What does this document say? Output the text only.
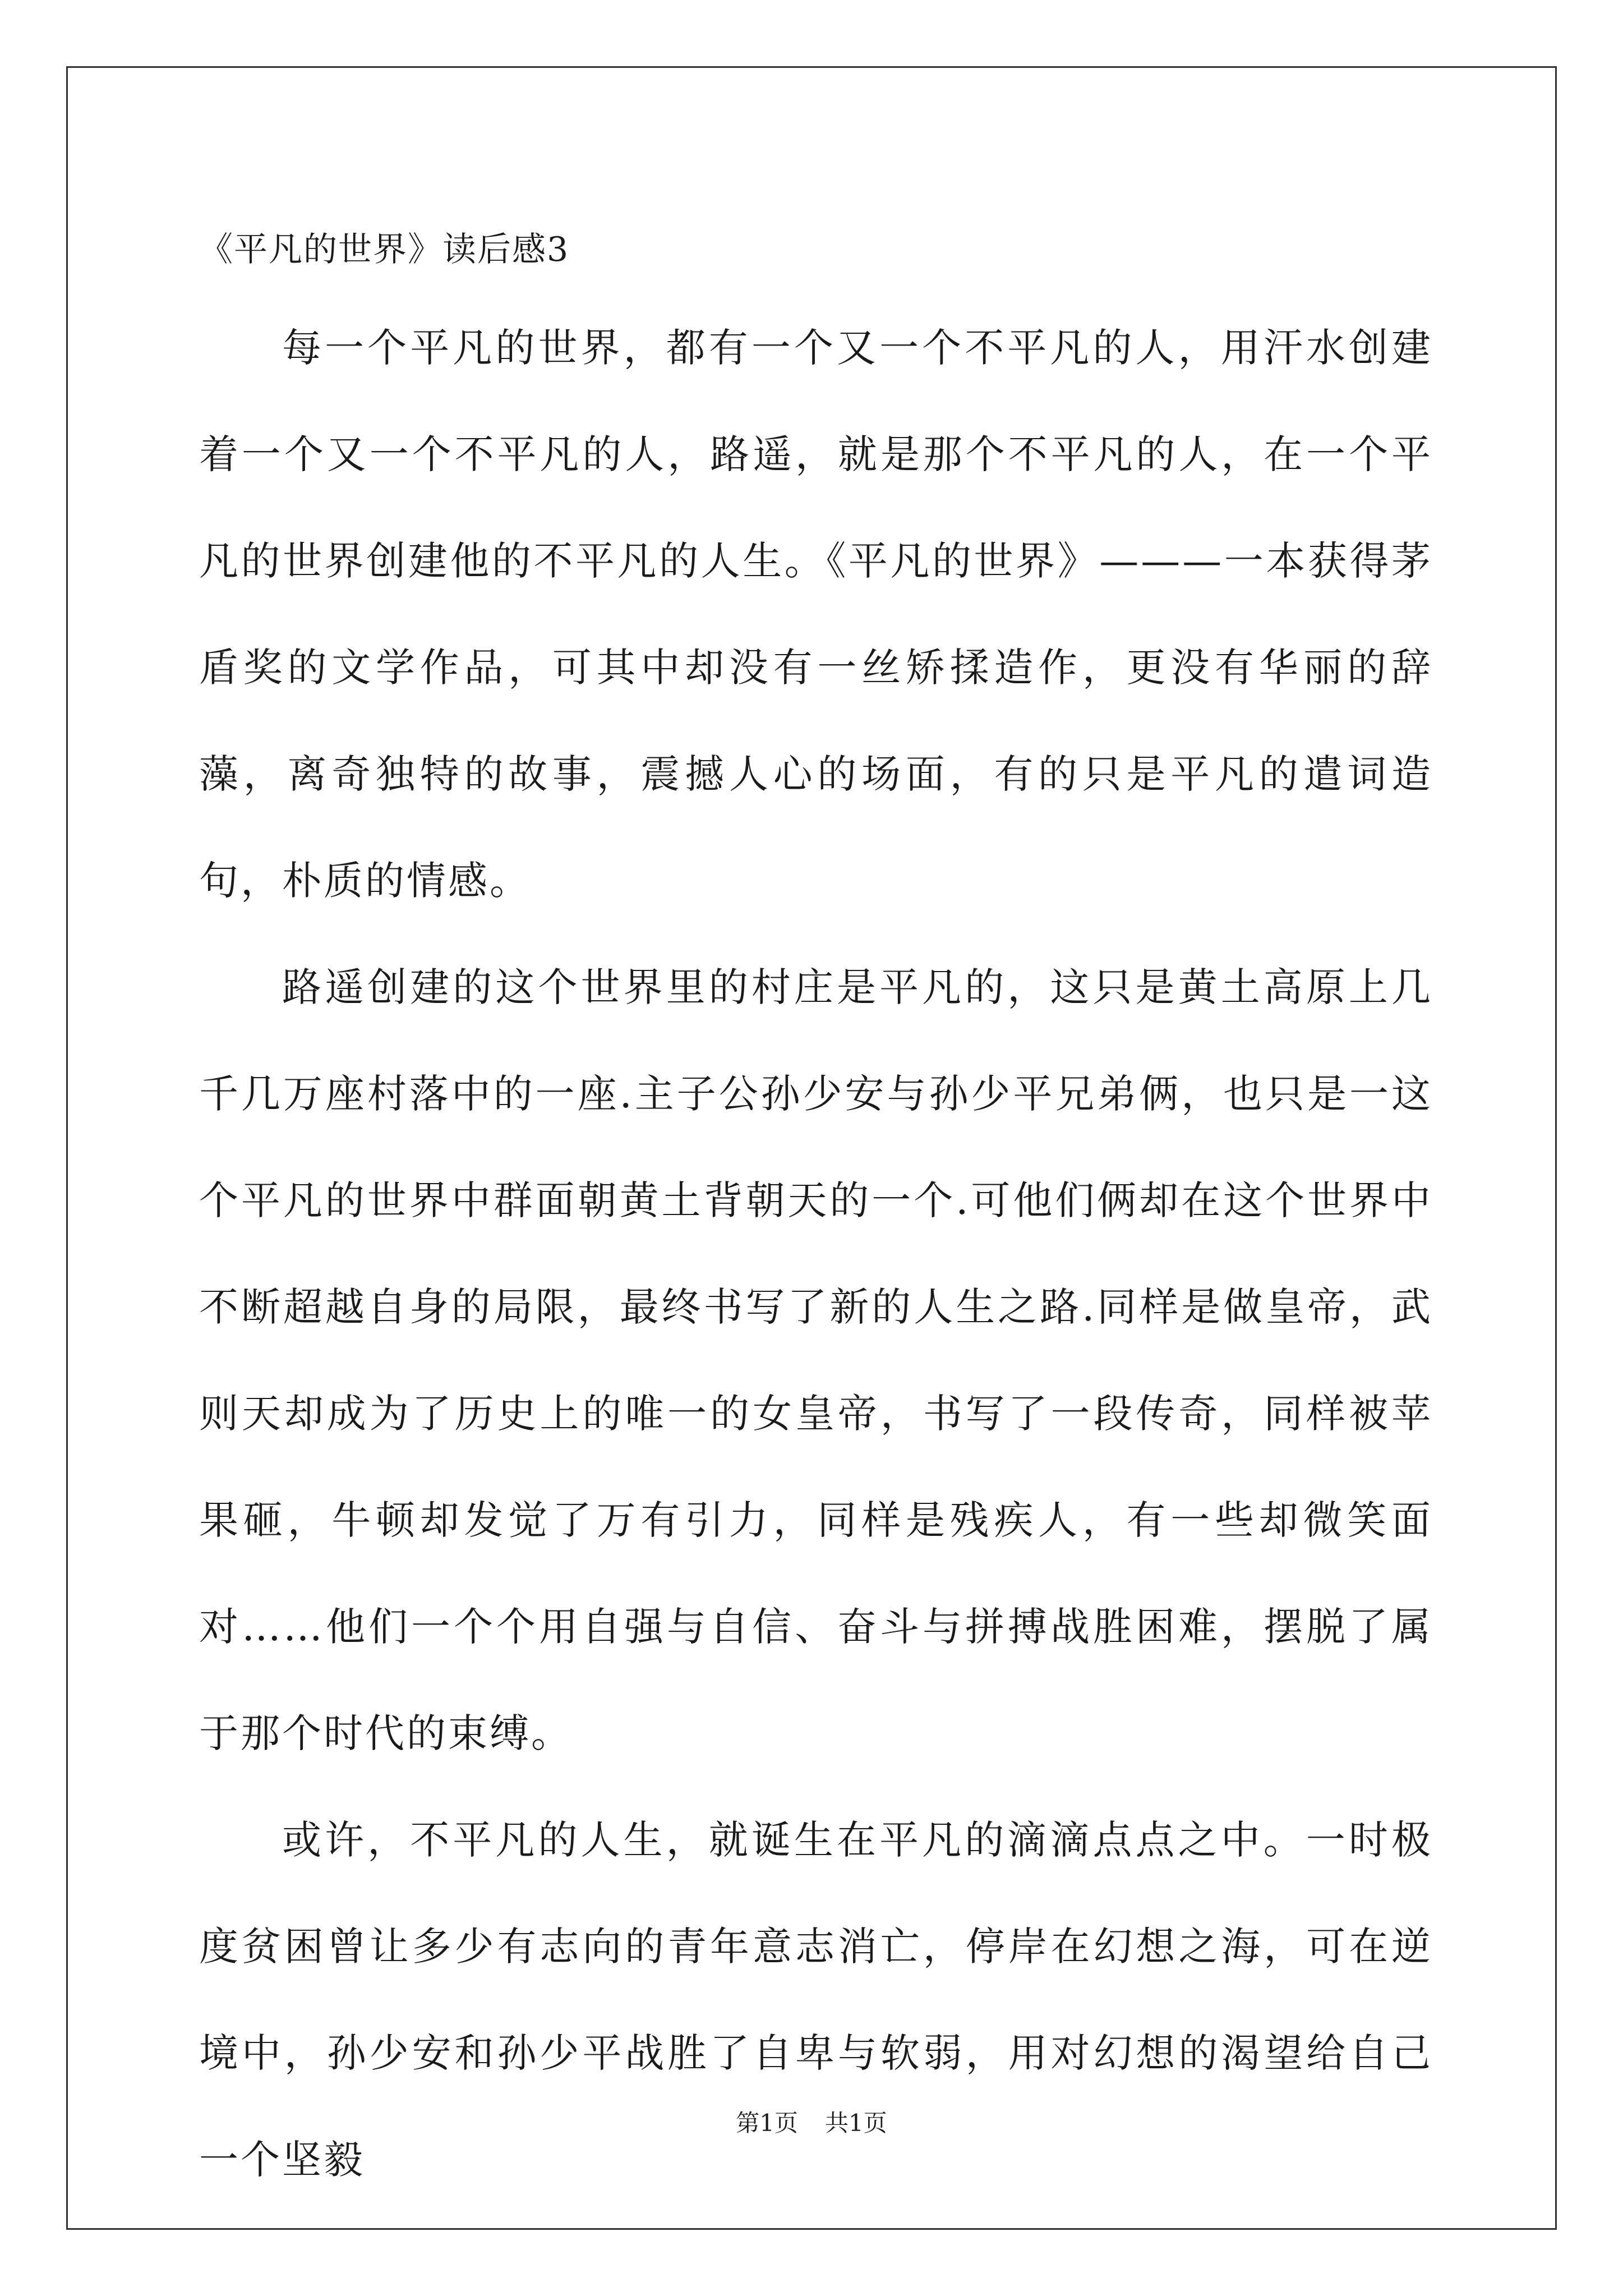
《平凡的世界》读后感3

每一个平凡的世界，都有一个又一个不平凡的人，用汗水创建着一个又一个不平凡的人，路遥，就是那个不平凡的人，在一个平凡的世界创建他的不平凡的人生。《平凡的世界》———一本获得茅盾奖的文学作品，可其中却没有一丝矫揉造作，更没有华丽的辞藻，离奇独特的故事，震撼人心的场面，有的只是平凡的遣词造句，朴质的情感。

路遥创建的这个世界里的村庄是平凡的，这只是黄土高原上几千几万座村落中的一座.主子公孙少安与孙少平兄弟俩，也只是一这个平凡的世界中群面朝黄土背朝天的一个.可他们俩却在这个世界中不断超越自身的局限，最终书写了新的人生之路.同样是做皇帝，武则天却成为了历史上的唯一的女皇帝，书写了一段传奇，同样被苹果砸，牛顿却发觉了万有引力，同样是残疾人，有一些却微笑面对……他们一个个用自强与自信、奋斗与拼搏战胜困难，摆脱了属于那个时代的束缚。

或许，不平凡的人生，就诞生在平凡的滴滴点点之中。一时极度贫困曾让多少有志向的青年意志消亡，停岸在幻想之海，可在逆境中，孙少安和孙少平战胜了自卑与软弱，用对幻想的渴望给自己一个坚毅

第1页 共1页
